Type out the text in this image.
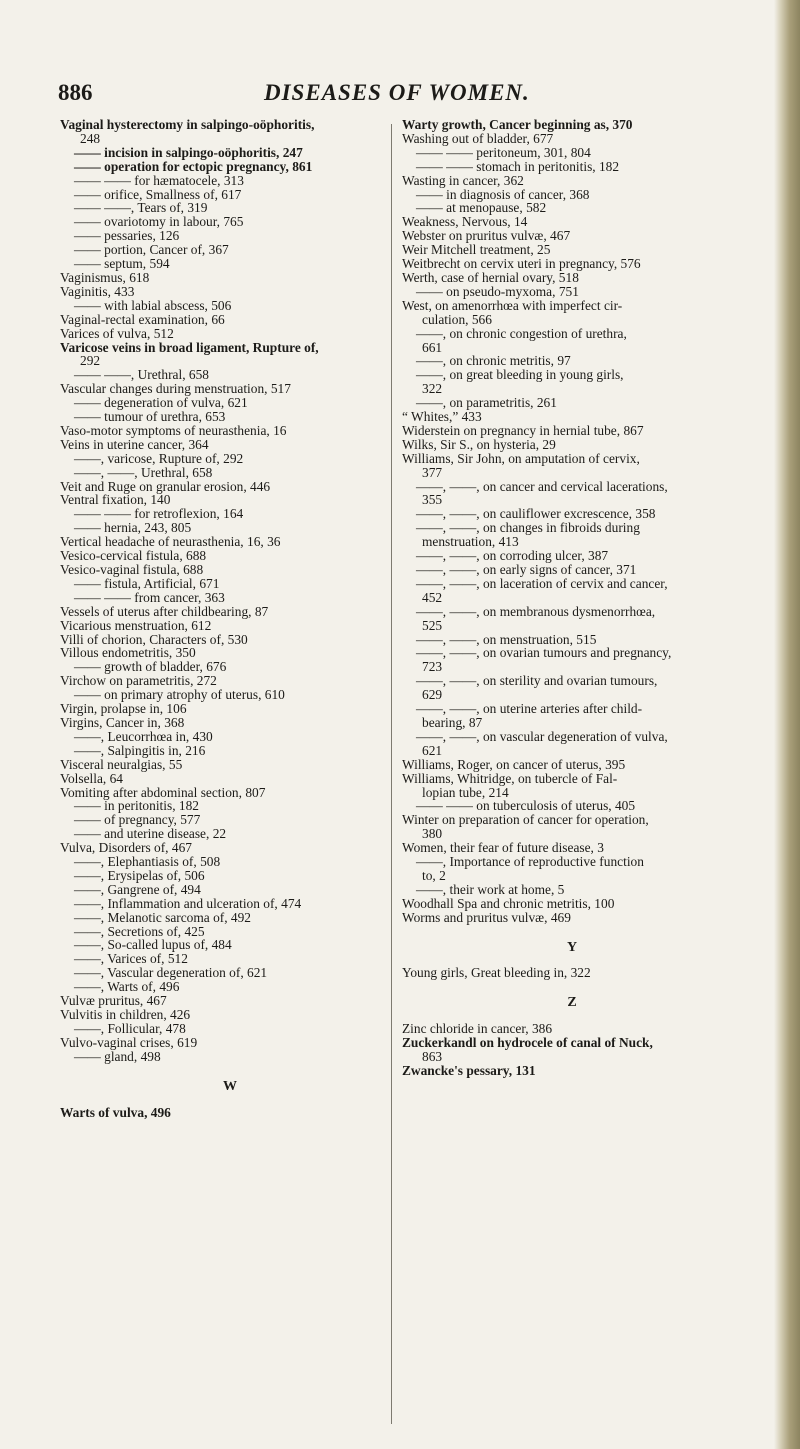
886	DISEASES OF WOMEN.
Vaginal hysterectomy in salpingo-oöphoritis,
248
—— incision in salpingo-oöphoritis, 247
—— operation for ectopic pregnancy, 861
—— —— for hæmatocele, 313
—— orifice, Smallness of, 617
—— ——, Tears of, 319
—— ovariotomy in labour, 765
—— pessaries, 126
—— portion, Cancer of, 367
—— septum, 594
Vaginismus, 618
Vaginitis, 433
—— with labial abscess, 506
Vaginal-rectal examination, 66
Varices of vulva, 512
Varicose veins in broad ligament, Rupture of,
292
—— ——, Urethral, 658
Vascular changes during menstruation, 517
—— degeneration of vulva, 621
—— tumour of urethra, 653
Vaso-motor symptoms of neurasthenia, 16
Veins in uterine cancer, 364
——, varicose, Rupture of, 292
——, ——, Urethral, 658
Veit and Ruge on granular erosion, 446
Ventral fixation, 140
—— —— for retroflexion, 164
—— hernia, 243, 805
Vertical headache of neurasthenia, 16, 36
Vesico-cervical fistula, 688
Vesico-vaginal fistula, 688
—— fistula, Artificial, 671
—— —— from cancer, 363
Vessels of uterus after childbearing, 87
Vicarious menstruation, 612
Villi of chorion, Characters of, 530
Villous endometritis, 350
—— growth of bladder, 676
Virchow on parametritis, 272
—— on primary atrophy of uterus, 610
Virgin, prolapse in, 106
Virgins, Cancer in, 368
——, Leucorrhœa in, 430
——, Salpingitis in, 216
Visceral neuralgias, 55
Volsella, 64
Vomiting after abdominal section, 807
—— in peritonitis, 182
—— of pregnancy, 577
—— and uterine disease, 22
Vulva, Disorders of, 467
——, Elephantiasis of, 508
——, Erysipelas of, 506
——, Gangrene of, 494
——, Inflammation and ulceration of, 474
——, Melanotic sarcoma of, 492
——, Secretions of, 425
——, So-called lupus of, 484
——, Varices of, 512
——, Vascular degeneration of, 621
——, Warts of, 496
Vulvæ pruritus, 467
Vulvitis in children, 426
——, Follicular, 478
Vulvo-vaginal crises, 619
—— gland, 498
W
Warts of vulva, 496
Warty growth, Cancer beginning as, 370
Washing out of bladder, 677
—— —— peritoneum, 301, 804
—— —— stomach in peritonitis, 182
Wasting in cancer, 362
—— in diagnosis of cancer, 368
—— at menopause, 582
Weakness, Nervous, 14
Webster on pruritus vulvæ, 467
Weir Mitchell treatment, 25
Weitbrecht on cervix uteri in pregnancy, 576
Werth, case of hernial ovary, 518
—— on pseudo-myxoma, 751
West, on amenorrhœa with imperfect cir-
culation, 566
——, on chronic congestion of urethra,
661
——, on chronic metritis, 97
——, on great bleeding in young girls,
322
——, on parametritis, 261
“ Whites,” 433
Widerstein on pregnancy in hernial tube, 867
Wilks, Sir S., on hysteria, 29
Williams, Sir John, on amputation of cervix,
377
——, ——, on cancer and cervical lacerations,
355
——, ——, on cauliflower excrescence, 358
——, ——, on changes in fibroids during
menstruation, 413
——, ——, on corroding ulcer, 387
——, ——, on early signs of cancer, 371
——, ——, on laceration of cervix and cancer,
452
——, ——, on membranous dysmenorrhœa,
525
——, ——, on menstruation, 515
——, ——, on ovarian tumours and pregnancy,
723
——, ——, on sterility and ovarian tumours,
629
——, ——, on uterine arteries after child-
bearing, 87
——, ——, on vascular degeneration of vulva,
621
Williams, Roger, on cancer of uterus, 395
Williams, Whitridge, on tubercle of Fal-
lopian tube, 214
—— —— on tuberculosis of uterus, 405
Winter on preparation of cancer for operation,
380
Women, their fear of future disease, 3
——, Importance of reproductive function
to, 2
——, their work at home, 5
Woodhall Spa and chronic metritis, 100
Worms and pruritus vulvæ, 469
Y
Young girls, Great bleeding in, 322
Z
Zinc chloride in cancer, 386
Zuckerkandl on hydrocele of canal of Nuck,
863
Zwancke's pessary, 131
